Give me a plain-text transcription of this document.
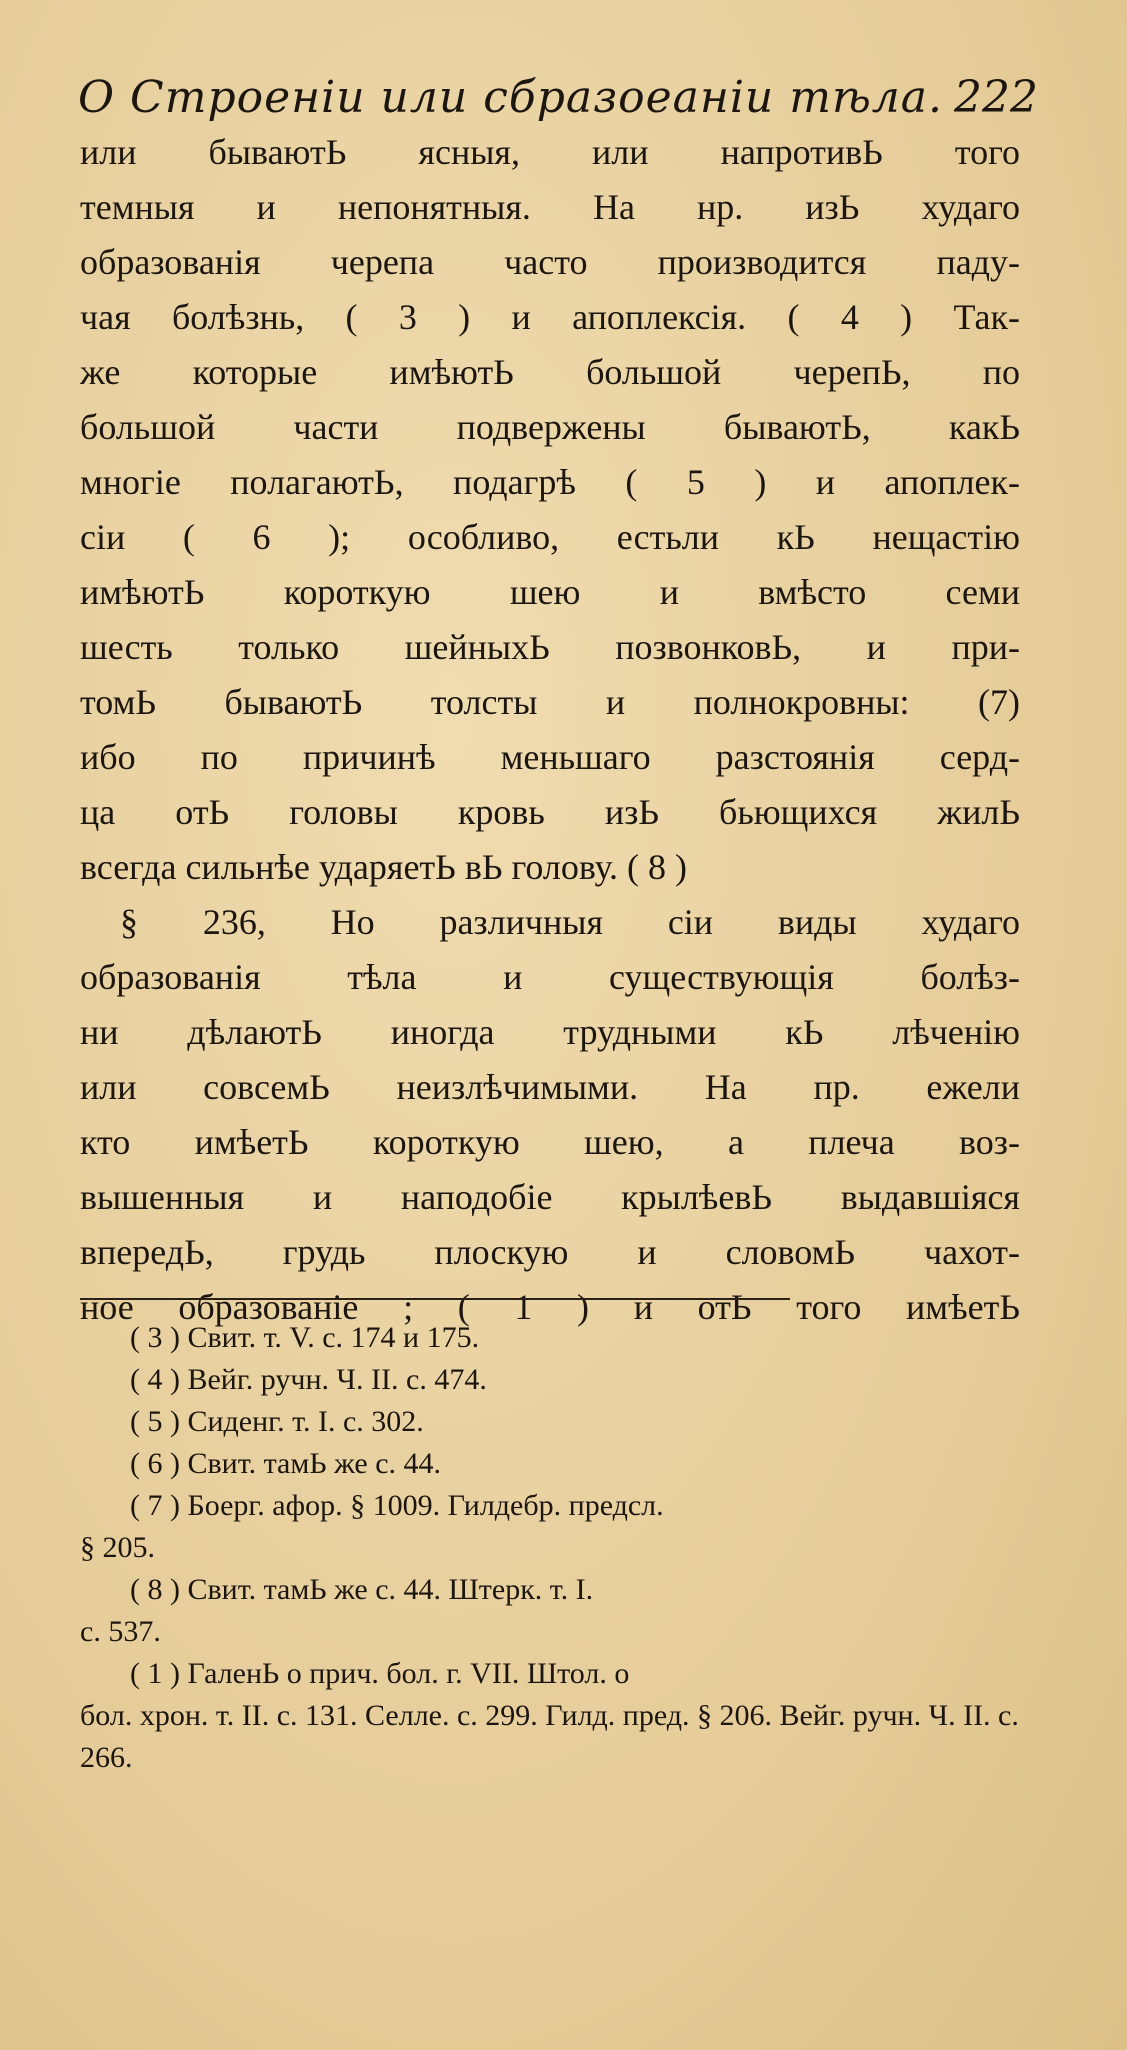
О Строеніи или сбразоеаніи тѣла. 222
или бываютЬ ясныя, или напротивЬ того
темныя и непонятныя. На нр. изЬ худаго
образованія черепа часто производится паду-
чая болѣзнь, ( 3 ) и апоплексія. ( 4 ) Так-
же которые имѣютЬ большой черепЬ, по
большой части подвержены бываютЬ, какЬ
многіе полагаютЬ, подагрѣ ( 5 ) и апоплек-
сіи ( 6 ); особливо, естьли кЬ нещастію
имѣютЬ короткую шею и вмѣсто семи
шесть только шейныхЬ позвонковЬ, и при-
томЬ бываютЬ толсты и полнокровны: (7)
ибо по причинѣ меньшаго разстоянія серд-
ца отЬ головы кровь изЬ бьющихся жилЬ
всегда сильнѣе ударяетЬ вЬ голову. ( 8 )
§ 236, Но различныя сіи виды худаго
образованія тѣла и существующія болѣз-
ни дѣлаютЬ иногда трудными кЬ лѣченію
или совсемЬ неизлѣчимыми. На пр. ежели
кто имѣетЬ короткую шею, а плеча воз-
вышенныя и наподобіе крылѣевЬ выдавшіяся
впередЬ, грудь плоскую и словомЬ чахот-
ное образованіе ; ( 1 ) и отЬ того имѣетЬ
( 3 ) Свит. т. V. с. 174 и 175.
( 4 ) Вейг. ручн. Ч. II. с. 474.
( 5 ) Сиденг. т. I. с. 302.
( 6 ) Свит. тамЬ же с. 44.
( 7 ) Боерг. афор. § 1009. Гилдебр. предсл.
§ 205.
( 8 ) Свит. тамЬ же с. 44. Штерк. т. I.
с. 537.
( 1 ) ГаленЬ о прич. бол. г. VII. Штол. о
бол. хрон. т. II. с. 131. Селле. с. 299. Гилд. пред. § 206. Вейг. ручн. Ч. II. с. 266.
